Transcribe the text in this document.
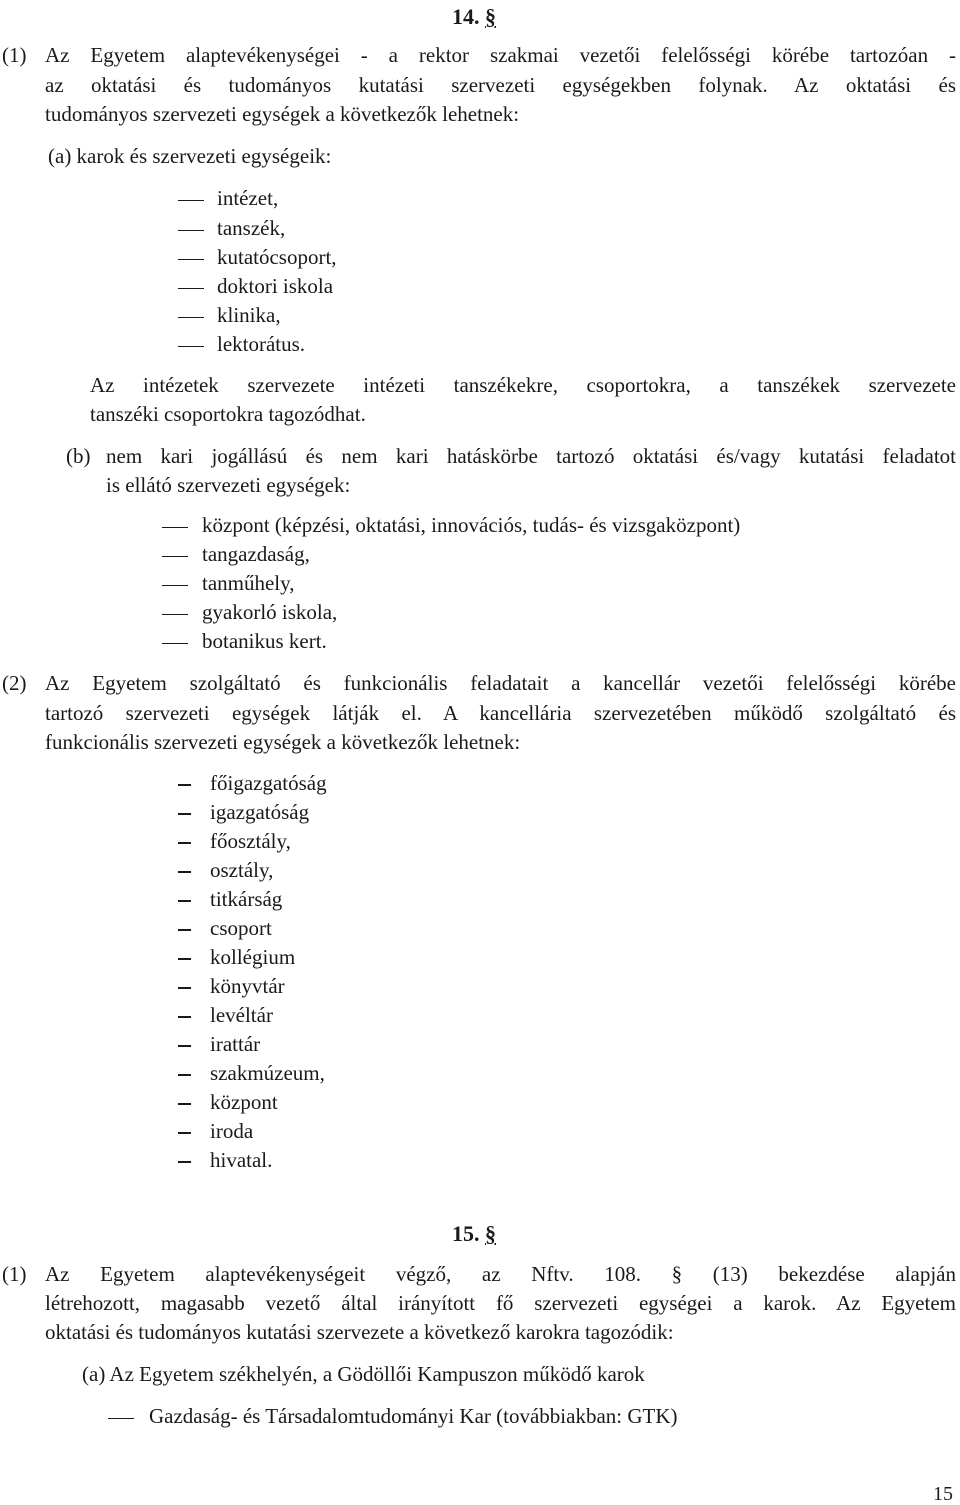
14. §
(1) Az Egyetem alaptevékenységei - a rektor szakmai vezetői felelősségi körébe tartozóan -
az oktatási és tudományos kutatási szervezeti egységekben folynak. Az oktatási és
tudományos szervezeti egységek a következők lehetnek:
(a) karok és szervezeti egységeik:
intézet,
tanszék,
kutatócsoport,
doktori iskola
klinika,
lektorátus.
Az intézetek szervezete intézeti tanszékekre, csoportokra, a tanszékek szervezete
tanszéki csoportokra tagozódhat.
(b) nem kari jogállású és nem kari hatáskörbe tartozó oktatási és/vagy kutatási feladatot
is ellátó szervezeti egységek:
központ (képzési, oktatási, innovációs, tudás- és vizsgaközpont)
tangazdaság,
tanműhely,
gyakorló iskola,
botanikus kert.
(2) Az Egyetem szolgáltató és funkcionális feladatait a kancellár vezetői felelősségi körébe
tartozó szervezeti egységek látják el. A kancellária szervezetében működő szolgáltató és
funkcionális szervezeti egységek a következők lehetnek:
főigazgatóság
igazgatóság
főosztály,
osztály,
titkárság
csoport
kollégium
könyvtár
levéltár
irattár
szakmúzeum,
központ
iroda
hivatal.
15. §
(1) Az Egyetem alaptevékenységeit végző, az Nftv. 108. § (13) bekezdése alapján
létrehozott, magasabb vezető által irányított fő szervezeti egységei a karok. Az Egyetem
oktatási és tudományos kutatási szervezete a következő karokra tagozódik:
(a) Az Egyetem székhelyén, a Gödöllői Kampuszon működő karok
Gazdaság- és Társadalomtudományi Kar (továbbiakban: GTK)
15
